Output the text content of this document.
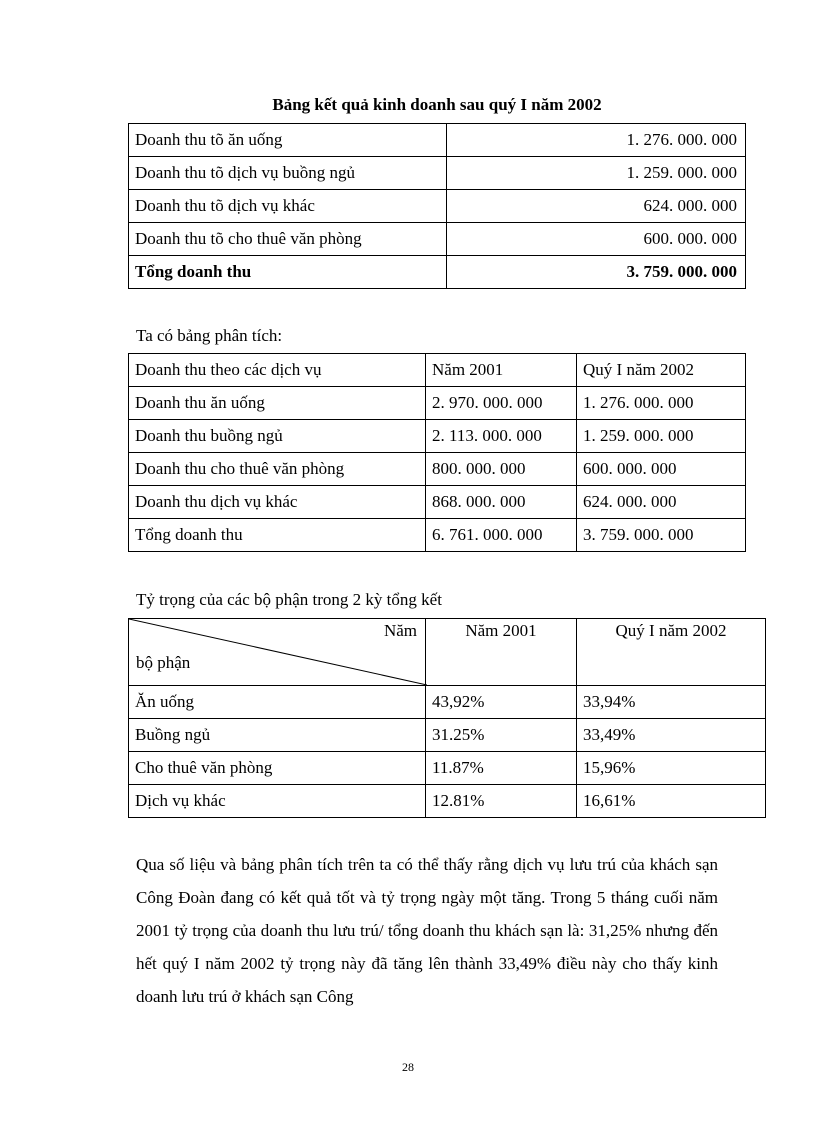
Bảng kết quả kinh doanh sau quý I năm 2002
Doanh thu tõ ăn uống	1. 276. 000. 000
Doanh thu tõ dịch vụ buồng ngủ	1. 259. 000. 000
Doanh thu tõ dịch vụ khác	624. 000. 000
Doanh thu tõ cho thuê văn phòng	600. 000. 000
Tổng doanh thu	3. 759. 000. 000
Ta có bảng phân tích:
Doanh thu theo các dịch vụ	Năm 2001	Quý I năm 2002
Doanh thu ăn uống	2. 970. 000. 000	1. 276. 000. 000
Doanh thu buồng ngủ	2. 113. 000. 000	1. 259. 000. 000
Doanh thu cho thuê văn phòng	800. 000. 000	600. 000. 000
Doanh thu dịch vụ khác	868. 000. 000	624. 000. 000
Tổng doanh thu	6. 761. 000. 000	3. 759. 000. 000
Tỷ trọng của các bộ phận trong 2 kỳ tổng kết
Năm
bộ phận	Năm 2001	Quý I năm 2002
Ăn uống	43,92%	33,94%
Buồng ngủ	31.25%	33,49%
Cho thuê văn phòng	11.87%	15,96%
Dịch vụ khác	12.81%	16,61%
Qua số liệu và bảng phân tích trên ta có thể thấy rằng dịch vụ lưu trú của khách sạn Công Đoàn đang có kết quả tốt và tỷ trọng ngày một tăng. Trong 5 tháng cuối năm 2001 tỷ trọng của doanh thu lưu trú/ tổng doanh thu khách sạn là: 31,25% nhưng đến hết quý I năm 2002 tỷ trọng này đã tăng lên thành 33,49% điều này cho thấy kinh doanh lưu trú ở khách sạn Công
28
